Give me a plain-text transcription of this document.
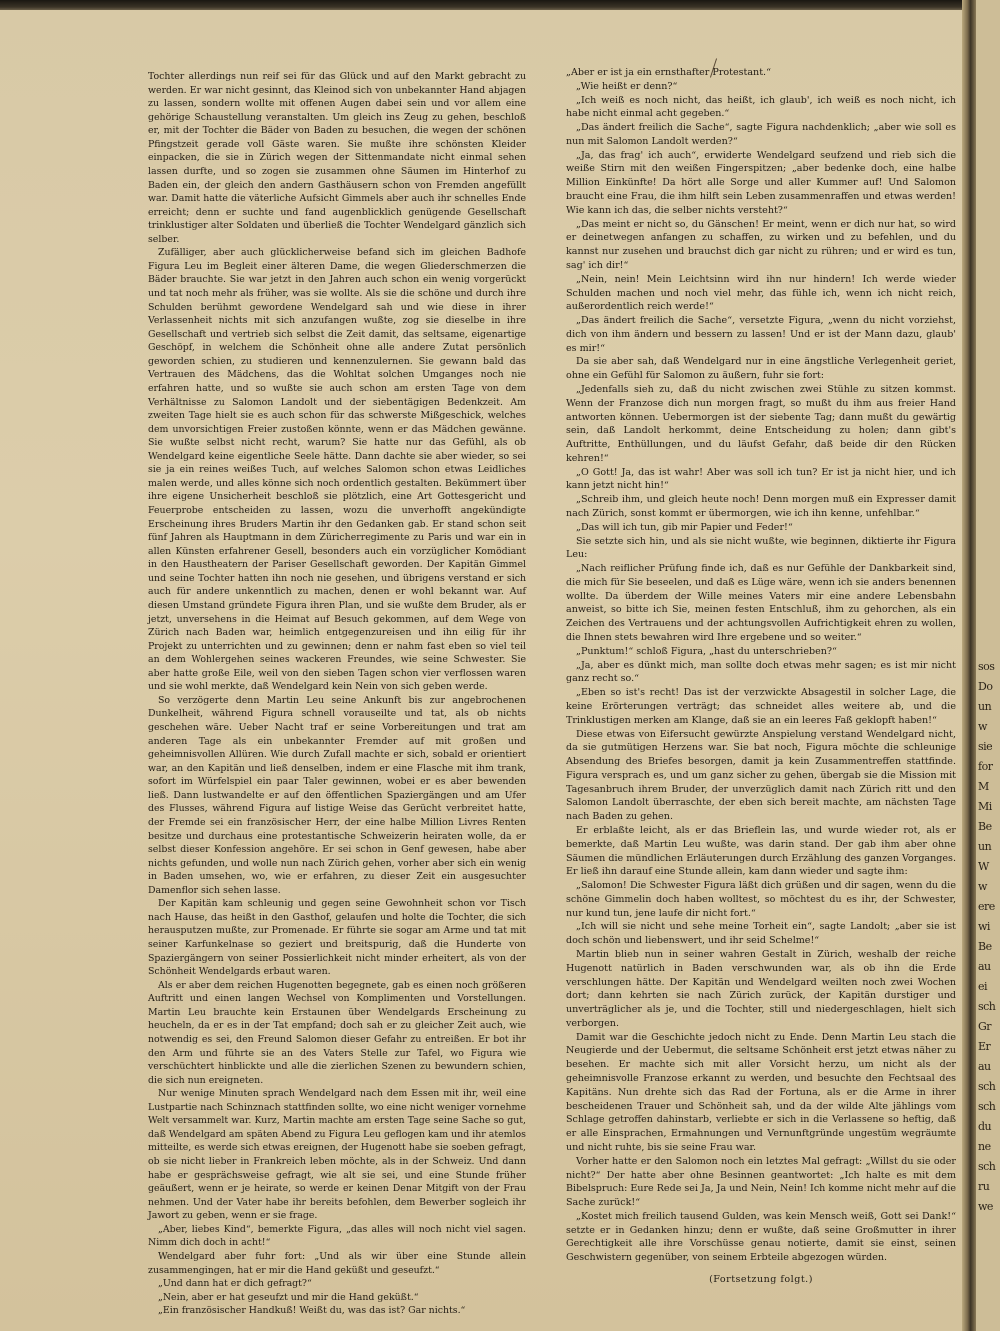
Tochter allerdings nun reif sei für das Glück und auf den Markt gebracht zu werden. Er war nicht gesinnt, das Kleinod sich von unbekannter Hand abjagen zu lassen, sondern wollte mit offenen Augen dabei sein und vor allem eine gehörige Schaustellung veranstalten. Um gleich ins Zeug zu gehen, beschloß er, mit der Tochter die Bäder von Baden zu besuchen, die wegen der schönen Pfingstzeit gerade voll Gäste waren. Sie mußte ihre schönsten Kleider einpacken, die sie in Zürich wegen der Sittenmandate nicht einmal sehen lassen durfte, und so zogen sie zusammen ohne Säumen im Hinterhof zu Baden ein, der gleich den andern Gasthäusern schon von Fremden angefüllt war. Damit hatte die väterliche Aufsicht Gimmels aber auch ihr schnelles Ende erreicht; denn er suchte und fand augenblicklich genügende Gesellschaft trinklustiger alter Soldaten und überließ die Tochter Wendelgard gänzlich sich selber.

Zufälliger, aber auch glücklicherweise befand sich im gleichen Badhofe Figura Leu im Begleit einer älteren Dame, die wegen Gliederschmerzen die Bäder brauchte. Sie war jetzt in den Jahren auch schon ein wenig vorgerückt und tat noch mehr als früher, was sie wollte. Als sie die schöne und durch ihre Schulden berühmt gewordene Wendelgard sah und wie diese in ihrer Verlassenheit nichts mit sich anzufangen wußte, zog sie dieselbe in ihre Gesellschaft und vertrieb sich selbst die Zeit damit, das seltsame, eigenartige Geschöpf, in welchem die Schönheit ohne alle andere Zutat persönlich geworden schien, zu studieren und kennenzulernen. Sie gewann bald das Vertrauen des Mädchens, das die Wohltat solchen Umganges noch nie erfahren hatte, und so wußte sie auch schon am ersten Tage von dem Verhältnisse zu Salomon Landolt und der siebentägigen Bedenkzeit. Am zweiten Tage hielt sie es auch schon für das schwerste Mißgeschick, welches dem unvorsichtigen Freier zustoßen könnte, wenn er das Mädchen gewänne. Sie wußte selbst nicht recht, warum? Sie hatte nur das Gefühl, als ob Wendelgard keine eigentliche Seele hätte. Dann dachte sie aber wieder, so sei sie ja ein reines weißes Tuch, auf welches Salomon schon etwas Leidliches malen werde, und alles könne sich noch ordentlich gestalten. Bekümmert über ihre eigene Unsicherheit beschloß sie plötzlich, eine Art Gottesgericht und Feuerprobe entscheiden zu lassen, wozu die unverhofft angekündigte Erscheinung ihres Bruders Martin ihr den Gedanken gab. Er stand schon seit fünf Jahren als Hauptmann in dem Züricherregimente zu Paris und war ein in allen Künsten erfahrener Gesell, besonders auch ein vorzüglicher Komödiant in den Haustheatern der Pariser Gesellschaft geworden. Der Kapitän Gimmel und seine Tochter hatten ihn noch nie gesehen, und übrigens verstand er sich auch für andere unkenntlich zu machen, denen er wohl bekannt war. Auf diesen Umstand gründete Figura ihren Plan, und sie wußte dem Bruder, als er jetzt, unversehens in die Heimat auf Besuch gekommen, auf dem Wege von Zürich nach Baden war, heimlich entgegenzureisen und ihn eilig für ihr Projekt zu unterrichten und zu gewinnen; denn er nahm fast eben so viel teil an dem Wohlergehen seines wackeren Freundes, wie seine Schwester. Sie aber hatte große Eile, weil von den sieben Tagen schon vier verflossen waren und sie wohl merkte, daß Wendelgard kein Nein von sich geben werde.

So verzögerte denn Martin Leu seine Ankunft bis zur angebrochenen Dunkelheit, während Figura schnell vorauseilte und tat, als ob nichts geschehen wäre. Ueber Nacht traf er seine Vorbereitungen und trat am anderen Tage als ein unbekannter Fremder auf mit großen und geheimnisvollen Allüren. Wie durch Zufall machte er sich, sobald er orientiert war, an den Kapitän und ließ denselben, indem er eine Flasche mit ihm trank, sofort im Würfelspiel ein paar Taler gewinnen, wobei er es aber bewenden ließ. Dann lustwandelte er auf den öffentlichen Spaziergängen und am Ufer des Flusses, während Figura auf listige Weise das Gerücht verbreitet hatte, der Fremde sei ein französischer Herr, der eine halbe Million Livres Renten besitze und durchaus eine protestantische Schweizerin heiraten wolle, da er selbst dieser Konfession angehöre. Er sei schon in Genf gewesen, habe aber nichts gefunden, und wolle nun nach Zürich gehen, vorher aber sich ein wenig in Baden umsehen, wo, wie er erfahren, zu dieser Zeit ein ausgesuchter Damenflor sich sehen lasse.

Der Kapitän kam schleunig und gegen seine Gewohnheit schon vor Tisch nach Hause, das heißt in den Gasthof, gelaufen und holte die Tochter, die sich herausputzen mußte, zur Promenade. Er führte sie sogar am Arme und tat mit seiner Karfunkelnase so geziert und breitspurig, daß die Hunderte von Spaziergängern von seiner Possierlichkeit nicht minder erheitert, als von der Schönheit Wendelgards erbaut waren.

Als er aber dem reichen Hugenotten begegnete, gab es einen noch größeren Auftritt und einen langen Wechsel von Komplimenten und Vorstellungen. Martin Leu brauchte kein Erstaunen über Wendelgards Erscheinung zu heucheln, da er es in der Tat empfand; doch sah er zu gleicher Zeit auch, wie notwendig es sei, den Freund Salomon dieser Gefahr zu entreißen. Er bot ihr den Arm und führte sie an des Vaters Stelle zur Tafel, wo Figura wie verschüchtert hinblickte und alle die zierlichen Szenen zu bewundern schien, die sich nun ereigneten.

Nur wenige Minuten sprach Wendelgard nach dem Essen mit ihr, weil eine Lustpartie nach Schinznach stattfinden sollte, wo eine nicht weniger vornehme Welt versammelt war. Kurz, Martin machte am ersten Tage seine Sache so gut, daß Wendelgard am späten Abend zu Figura Leu geflogen kam und ihr atemlos mitteilte, es werde sich etwas ereignen, der Hugenott habe sie soeben gefragt, ob sie nicht lieber in Frankreich leben möchte, als in der Schweiz. Und dann habe er gesprächsweise gefragt, wie alt sie sei, und eine Stunde früher geäußert, wenn er je heirate, so werde er keinen Denar Mitgift von der Frau nehmen. Und der Vater habe ihr bereits befohlen, dem Bewerber sogleich ihr Jawort zu geben, wenn er sie frage.

„Aber, liebes Kind“, bemerkte Figura, „das alles will noch nicht viel sagen. Nimm dich doch in acht!“

Wendelgard aber fuhr fort: „Und als wir über eine Stunde allein zusammengingen, hat er mir die Hand geküßt und geseufzt.“

„Und dann hat er dich gefragt?“

„Nein, aber er hat geseufzt und mir die Hand geküßt.“

„Ein französischer Handkuß! Weißt du, was das ist? Gar nichts.“

„Aber er ist ja ein ernsthafter Protestant.“

„Wie heißt er denn?“

„Ich weiß es noch nicht, das heißt, ich glaub', ich weiß es noch nicht, ich habe nicht einmal acht gegeben.“

„Das ändert freilich die Sache“, sagte Figura nachdenklich; „aber wie soll es nun mit Salomon Landolt werden?“

„Ja, das frag' ich auch“, erwiderte Wendelgard seufzend und rieb sich die weiße Stirn mit den weißen Fingerspitzen; „aber bedenke doch, eine halbe Million Einkünfte! Da hört alle Sorge und aller Kummer auf! Und Salomon braucht eine Frau, die ihm hilft sein Leben zusammenraffen und etwas werden! Wie kann ich das, die selber nichts versteht?“

„Das meint er nicht so, du Gänschen! Er meint, wenn er dich nur hat, so wird er deinetwegen anfangen zu schaffen, zu wirken und zu befehlen, und du kannst nur zusehen und brauchst dich gar nicht zu rühren; und er wird es tun, sag' ich dir!“

„Nein, nein! Mein Leichtsinn wird ihn nur hindern! Ich werde wieder Schulden machen und noch viel mehr, das fühle ich, wenn ich nicht reich, außerordentlich reich werde!“

„Das ändert freilich die Sache“, versetzte Figura, „wenn du nicht vorziehst, dich von ihm ändern und bessern zu lassen! Und er ist der Mann dazu, glaub' es mir!“

Da sie aber sah, daß Wendelgard nur in eine ängstliche Verlegenheit geriet, ohne ein Gefühl für Salomon zu äußern, fuhr sie fort:

„Jedenfalls sieh zu, daß du nicht zwischen zwei Stühle zu sitzen kommst. Wenn der Franzose dich nun morgen fragt, so mußt du ihm aus freier Hand antworten können. Uebermorgen ist der siebente Tag; dann mußt du gewärtig sein, daß Landolt herkommt, deine Entscheidung zu holen; dann gibt's Auftritte, Enthüllungen, und du läufst Gefahr, daß beide dir den Rücken kehren!“

„O Gott! Ja, das ist wahr! Aber was soll ich tun? Er ist ja nicht hier, und ich kann jetzt nicht hin!“

„Schreib ihm, und gleich heute noch! Denn morgen muß ein Expresser damit nach Zürich, sonst kommt er übermorgen, wie ich ihn kenne, unfehlbar.“

„Das will ich tun, gib mir Papier und Feder!“

Sie setzte sich hin, und als sie nicht wußte, wie beginnen, diktierte ihr Figura Leu:

„Nach reiflicher Prüfung finde ich, daß es nur Gefühle der Dankbarkeit sind, die mich für Sie beseelen, und daß es Lüge wäre, wenn ich sie anders benennen wollte. Da überdem der Wille meines Vaters mir eine andere Lebensbahn anweist, so bitte ich Sie, meinen festen Entschluß, ihm zu gehorchen, als ein Zeichen des Vertrauens und der achtungsvollen Aufrichtigkeit ehren zu wollen, die Ihnen stets bewahren wird Ihre ergebene und so weiter.“

„Punktum!“ schloß Figura, „hast du unterschrieben?“

„Ja, aber es dünkt mich, man sollte doch etwas mehr sagen; es ist mir nicht ganz recht so.“

„Eben so ist's recht! Das ist der verzwickte Absagestil in solcher Lage, die keine Erörterungen verträgt; das schneidet alles weitere ab, und die Trinklustigen merken am Klange, daß sie an ein leeres Faß geklopft haben!“

Diese etwas von Eifersucht gewürzte Anspielung verstand Wendelgard nicht, da sie gutmütigen Herzens war. Sie bat noch, Figura möchte die schleunige Absendung des Briefes besorgen, damit ja kein Zusammentreffen stattfinde. Figura versprach es, und um ganz sicher zu gehen, übergab sie die Mission mit Tagesanbruch ihrem Bruder, der unverzüglich damit nach Zürich ritt und den Salomon Landolt überraschte, der eben sich bereit machte, am nächsten Tage nach Baden zu gehen.

Er erblaßte leicht, als er das Brieflein las, und wurde wieder rot, als er bemerkte, daß Martin Leu wußte, was darin stand. Der gab ihm aber ohne Säumen die mündlichen Erläuterungen durch Erzählung des ganzen Vorganges. Er ließ ihn darauf eine Stunde allein, kam dann wieder und sagte ihm:

„Salomon! Die Schwester Figura läßt dich grüßen und dir sagen, wenn du die schöne Gimmelin doch haben wolltest, so möchtest du es ihr, der Schwester, nur kund tun, jene laufe dir nicht fort.“

„Ich will sie nicht und sehe meine Torheit ein“, sagte Landolt; „aber sie ist doch schön und liebenswert, und ihr seid Schelme!“

Martin blieb nun in seiner wahren Gestalt in Zürich, weshalb der reiche Hugenott natürlich in Baden verschwunden war, als ob ihn die Erde verschlungen hätte. Der Kapitän und Wendelgard weilten noch zwei Wochen dort; dann kehrten sie nach Zürich zurück, der Kapitän durstiger und unverträglicher als je, und die Tochter, still und niedergeschlagen, hielt sich verborgen.

Damit war die Geschichte jedoch nicht zu Ende. Denn Martin Leu stach die Neugierde und der Uebermut, die seltsame Schönheit erst jetzt etwas näher zu besehen. Er machte sich mit aller Vorsicht herzu, um nicht als der geheimnisvolle Franzose erkannt zu werden, und besuchte den Fechtsaal des Kapitäns. Nun drehte sich das Rad der Fortuna, als er die Arme in ihrer bescheidenen Trauer und Schönheit sah, und da der wilde Alte jählings vom Schlage getroffen dahinstarb, verliebte er sich in die Verlassene so heftig, daß er alle Einsprachen, Ermahnungen und Vernunftgründe ungestüm wegräumte und nicht ruhte, bis sie seine Frau war.

Vorher hatte er den Salomon noch ein letztes Mal gefragt: „Willst du sie oder nicht?“ Der hatte aber ohne Besinnen geantwortet: „Ich halte es mit dem Bibelspruch: Eure Rede sei Ja, Ja und Nein, Nein! Ich komme nicht mehr auf die Sache zurück!“

„Kostet mich freilich tausend Gulden, was kein Mensch weiß, Gott sei Dank!“ setzte er in Gedanken hinzu; denn er wußte, daß seine Großmutter in ihrer Gerechtigkeit alle ihre Vorschüsse genau notierte, damit sie einst, seinen Geschwistern gegenüber, von seinem Erbteile abgezogen würden.

(Fortsetzung folgt.)

sos
Do
un
w
sie
for
M
Mi
Be
un
W
w
ere
wi
Be
au
ei
sch
Gr
Er
au
sch
sch
du
ne
sch
ru
we
